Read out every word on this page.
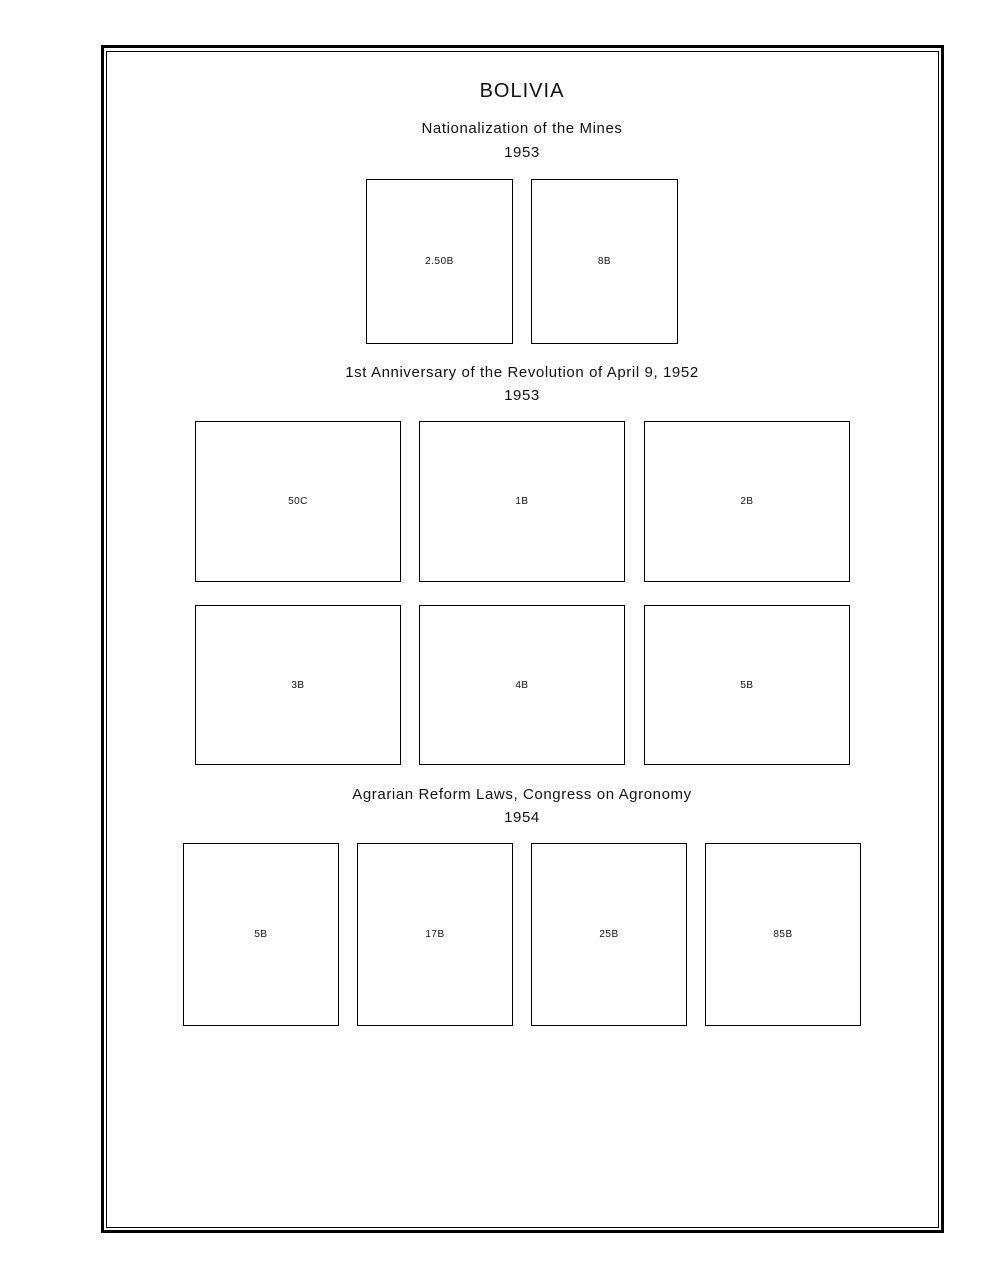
BOLIVIA
Nationalization of the Mines
1953
2.50B	8B
1st Anniversary of the Revolution of April 9, 1952
1953
50C	1B	2B
3B	4B	5B
Agrarian Reform Laws, Congress on Agronomy
1954
5B	17B	25B	85B
